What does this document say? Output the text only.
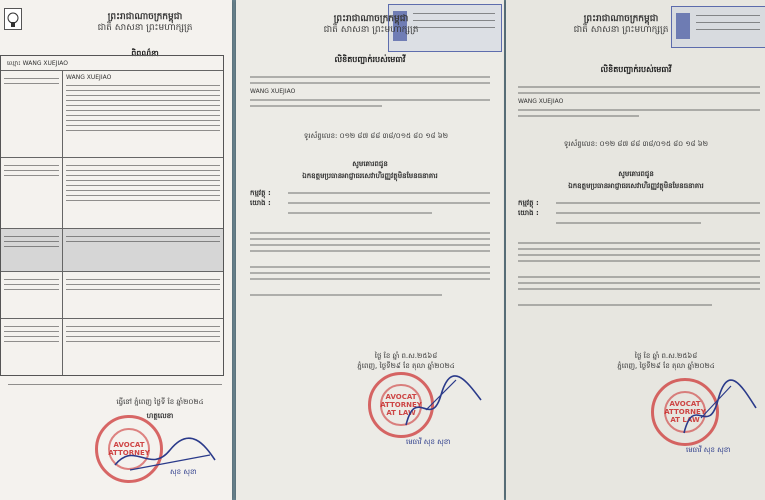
ព្រះរាជាណាចក្រកម្ពុជា
ជាតិ សាសនា ព្រះមហាក្សត្រ
ពិពណ៌នា
ឈ្មោះ WANG XUEJIAO
WANG XUEJIAO
ធ្វើនៅ ភ្នំពេញ ថ្ងៃទី ខែ ឆ្នាំ២០២៤
ហត្ថលេខា
AVOCAT ATTORNEY
សុខ សុខា
ព្រះរាជាណាចក្រកម្ពុជា
ជាតិ សាសនា ព្រះមហាក្សត្រ
លិខិតបញ្ជាក់របស់មេធាវី
WANG XUEJIAO
ទូរស័ព្ទលេខ: ០១២ ៨៧ ៨៨ ៣៨/០១៥ ៨០ ១៨ ៦២
សូមគោរពជូន
ឯកឧត្តមប្រធានអាជ្ញាធរសេវាហិរញ្ញវត្ថុមិនមែនធនាគារ
កម្មវត្ថុ :
យោង :
ថ្ងៃ ខែ ឆ្នាំ ព.ស.២៥៦៨
ភ្នំពេញ, ថ្ងៃទី២៩ ខែ តុលា ឆ្នាំ២០២៤
AVOCAT ATTORNEY AT LAW
មេធាវី សុខ សុខា
ព្រះរាជាណាចក្រកម្ពុជា
ជាតិ សាសនា ព្រះមហាក្សត្រ
លិខិតបញ្ជាក់របស់មេធាវី
WANG XUEJIAO
ទូរស័ព្ទលេខ: ០១២ ៨៧ ៨៨ ៣៨/០១៥ ៨០ ១៨ ៦២
សូមគោរពជូន
ឯកឧត្តមប្រធានអាជ្ញាធរសេវាហិរញ្ញវត្ថុមិនមែនធនាគារ
កម្មវត្ថុ :
យោង :
ថ្ងៃ ខែ ឆ្នាំ ព.ស.២៥៦៨
ភ្នំពេញ, ថ្ងៃទី២៩ ខែ តុលា ឆ្នាំ២០២៤
AVOCAT ATTORNEY AT LAW
មេធាវី សុខ សុខា
